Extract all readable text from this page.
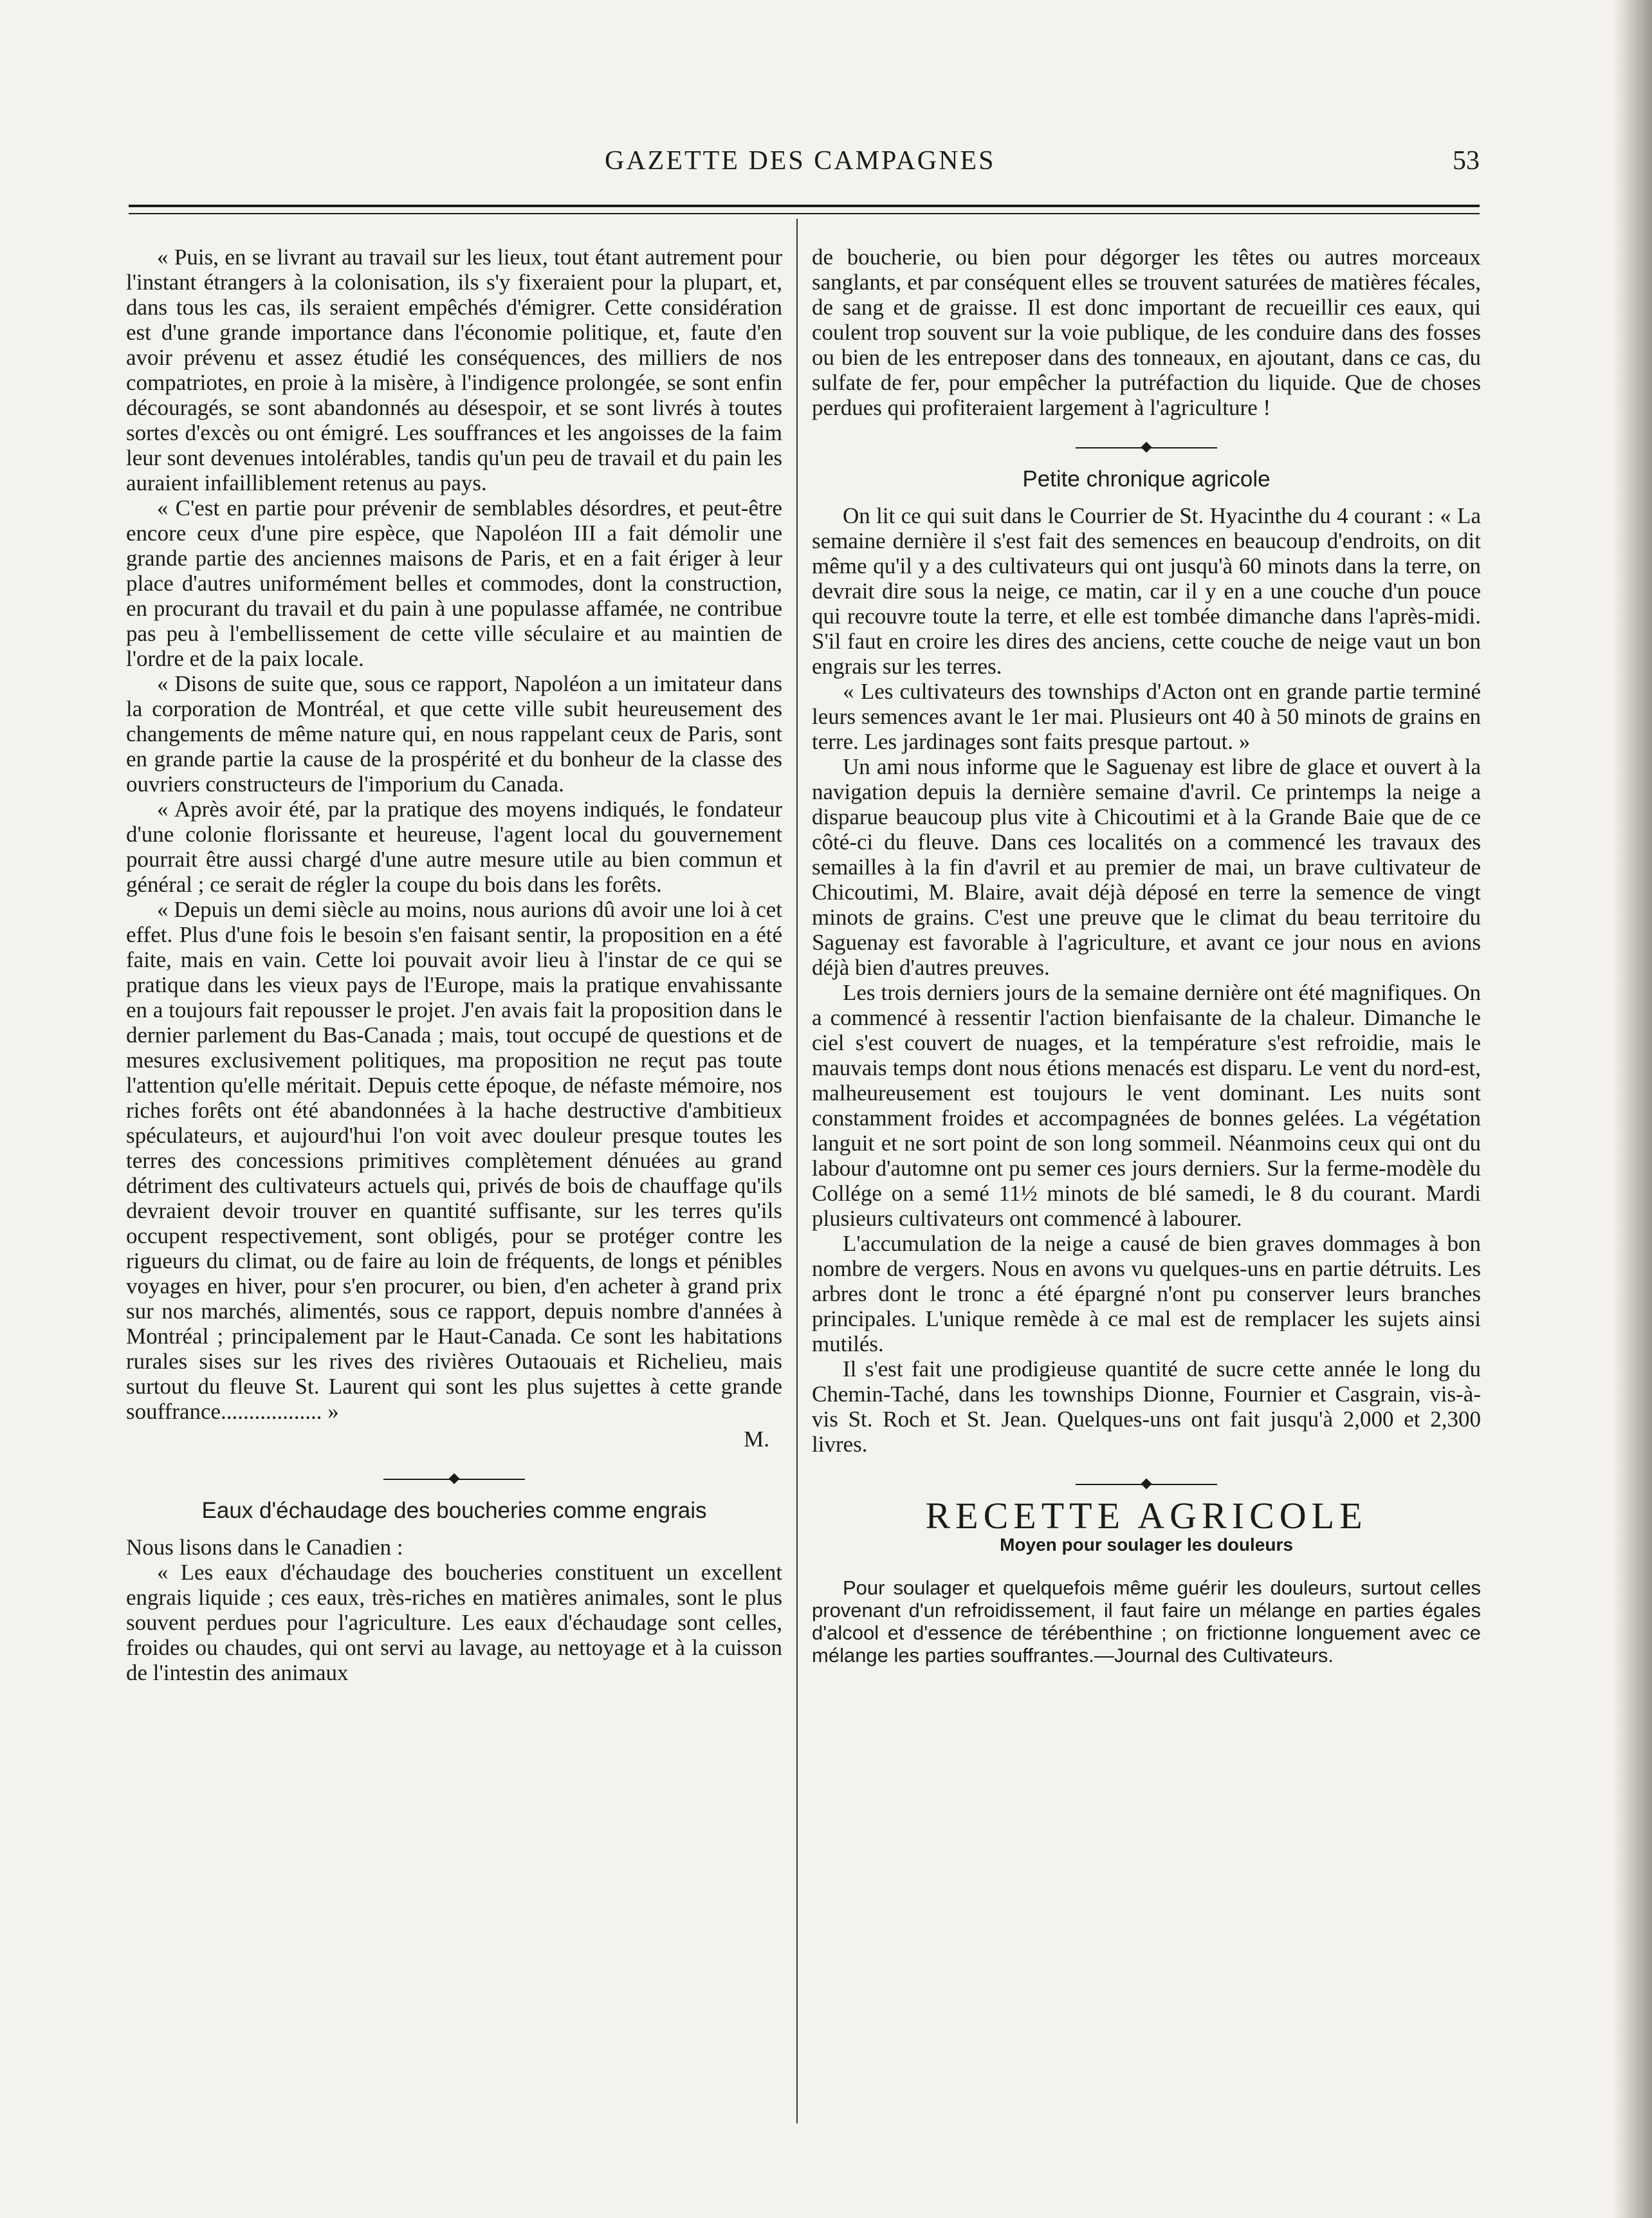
GAZETTE DES CAMPAGNES	53

« Puis, en se livrant au travail sur les lieux, tout étant autrement pour l'instant étrangers à la colonisation, ils s'y fixeraient pour la plupart, et, dans tous les cas, ils seraient empêchés d'émigrer. Cette considération est d'une grande importance dans l'économie politique, et, faute d'en avoir prévenu et assez étudié les conséquences, des milliers de nos compatriotes, en proie à la misère, à l'indigence prolongée, se sont enfin découragés, se sont abandonnés au désespoir, et se sont livrés à toutes sortes d'excès ou ont émigré. Les souffrances et les angoisses de la faim leur sont devenues intolérables, tandis qu'un peu de travail et du pain les auraient infailliblement retenus au pays.

« C'est en partie pour prévenir de semblables désordres, et peut-être encore ceux d'une pire espèce, que Napoléon III a fait démolir une grande partie des anciennes maisons de Paris, et en a fait ériger à leur place d'autres uniformément belles et commodes, dont la construction, en procurant du travail et du pain à une populasse affamée, ne contribue pas peu à l'embellissement de cette ville séculaire et au maintien de l'ordre et de la paix locale.

« Disons de suite que, sous ce rapport, Napoléon a un imitateur dans la corporation de Montréal, et que cette ville subit heureusement des changements de même nature qui, en nous rappelant ceux de Paris, sont en grande partie la cause de la prospérité et du bonheur de la classe des ouvriers constructeurs de l'imporium du Canada.

« Après avoir été, par la pratique des moyens indiqués, le fondateur d'une colonie florissante et heureuse, l'agent local du gouvernement pourrait être aussi chargé d'une autre mesure utile au bien commun et général ; ce serait de régler la coupe du bois dans les forêts.

« Depuis un demi siècle au moins, nous aurions dû avoir une loi à cet effet. Plus d'une fois le besoin s'en faisant sentir, la proposition en a été faite, mais en vain. Cette loi pouvait avoir lieu à l'instar de ce qui se pratique dans les vieux pays de l'Europe, mais la pratique envahissante en a toujours fait repousser le projet. J'en avais fait la proposition dans le dernier parlement du Bas-Canada ; mais, tout occupé de questions et de mesures exclusivement politiques, ma proposition ne reçut pas toute l'attention qu'elle méritait. Depuis cette époque, de néfaste mémoire, nos riches forêts ont été abandonnées à la hache destructive d'ambitieux spéculateurs, et aujourd'hui l'on voit avec douleur presque toutes les terres des concessions primitives complètement dénuées au grand détriment des cultivateurs actuels qui, privés de bois de chauffage qu'ils devraient devoir trouver en quantité suffisante, sur les terres qu'ils occupent respectivement, sont obligés, pour se protéger contre les rigueurs du climat, ou de faire au loin de fréquents, de longs et pénibles voyages en hiver, pour s'en procurer, ou bien, d'en acheter à grand prix sur nos marchés, alimentés, sous ce rapport, depuis nombre d'années à Montréal ; principalement par le Haut-Canada. Ce sont les habitations rurales sises sur les rives des rivières Outaouais et Richelieu, mais surtout du fleuve St. Laurent qui sont les plus sujettes à cette grande souffrance.................. »

M.
Eaux d'échaudage des boucheries comme engrais

Nous lisons dans le Canadien :

« Les eaux d'échaudage des boucheries constituent un excellent engrais liquide ; ces eaux, très-riches en matières animales, sont le plus souvent perdues pour l'agriculture. Les eaux d'échaudage sont celles, froides ou chaudes, qui ont servi au lavage, au nettoyage et à la cuisson de l'intestin des animaux

de boucherie, ou bien pour dégorger les têtes ou autres morceaux sanglants, et par conséquent elles se trouvent saturées de matières fécales, de sang et de graisse. Il est donc important de recueillir ces eaux, qui coulent trop souvent sur la voie publique, de les conduire dans des fosses ou bien de les entreposer dans des tonneaux, en ajoutant, dans ce cas, du sulfate de fer, pour empêcher la putréfaction du liquide. Que de choses perdues qui profiteraient largement à l'agriculture !

Petite chronique agricole

On lit ce qui suit dans le Courrier de St. Hyacinthe du 4 courant : « La semaine dernière il s'est fait des semences en beaucoup d'endroits, on dit même qu'il y a des cultivateurs qui ont jusqu'à 60 minots dans la terre, on devrait dire sous la neige, ce matin, car il y en a une couche d'un pouce qui recouvre toute la terre, et elle est tombée dimanche dans l'après-midi. S'il faut en croire les dires des anciens, cette couche de neige vaut un bon engrais sur les terres.

« Les cultivateurs des townships d'Acton ont en grande partie terminé leurs semences avant le 1er mai. Plusieurs ont 40 à 50 minots de grains en terre. Les jardinages sont faits presque partout. »

Un ami nous informe que le Saguenay est libre de glace et ouvert à la navigation depuis la dernière semaine d'avril. Ce printemps la neige a disparue beaucoup plus vite à Chicoutimi et à la Grande Baie que de ce côté-ci du fleuve. Dans ces localités on a commencé les travaux des semailles à la fin d'avril et au premier de mai, un brave cultivateur de Chicoutimi, M. Blaire, avait déjà déposé en terre la semence de vingt minots de grains. C'est une preuve que le climat du beau territoire du Saguenay est favorable à l'agriculture, et avant ce jour nous en avions déjà bien d'autres preuves.

Les trois derniers jours de la semaine dernière ont été magnifiques. On a commencé à ressentir l'action bienfaisante de la chaleur. Dimanche le ciel s'est couvert de nuages, et la température s'est refroidie, mais le mauvais temps dont nous étions menacés est disparu. Le vent du nord-est, malheureusement est toujours le vent dominant. Les nuits sont constamment froides et accompagnées de bonnes gelées. La végétation languit et ne sort point de son long sommeil. Néanmoins ceux qui ont du labour d'automne ont pu semer ces jours derniers. Sur la ferme-modèle du Collége on a semé 11½ minots de blé samedi, le 8 du courant. Mardi plusieurs cultivateurs ont commencé à labourer.

L'accumulation de la neige a causé de bien graves dommages à bon nombre de vergers. Nous en avons vu quelques-uns en partie détruits. Les arbres dont le tronc a été épargné n'ont pu conserver leurs branches principales. L'unique remède à ce mal est de remplacer les sujets ainsi mutilés.

Il s'est fait une prodigieuse quantité de sucre cette année le long du Chemin-Taché, dans les townships Dionne, Fournier et Casgrain, vis-à-vis St. Roch et St. Jean. Quelques-uns ont fait jusqu'à 2,000 et 2,300 livres.

RECETTE AGRICOLE
Moyen pour soulager les douleurs

Pour soulager et quelquefois même guérir les douleurs, surtout celles provenant d'un refroidissement, il faut faire un mélange en parties égales d'alcool et d'essence de térébenthine ; on frictionne longuement avec ce mélange les parties souffrantes.—Journal des Cultivateurs.
